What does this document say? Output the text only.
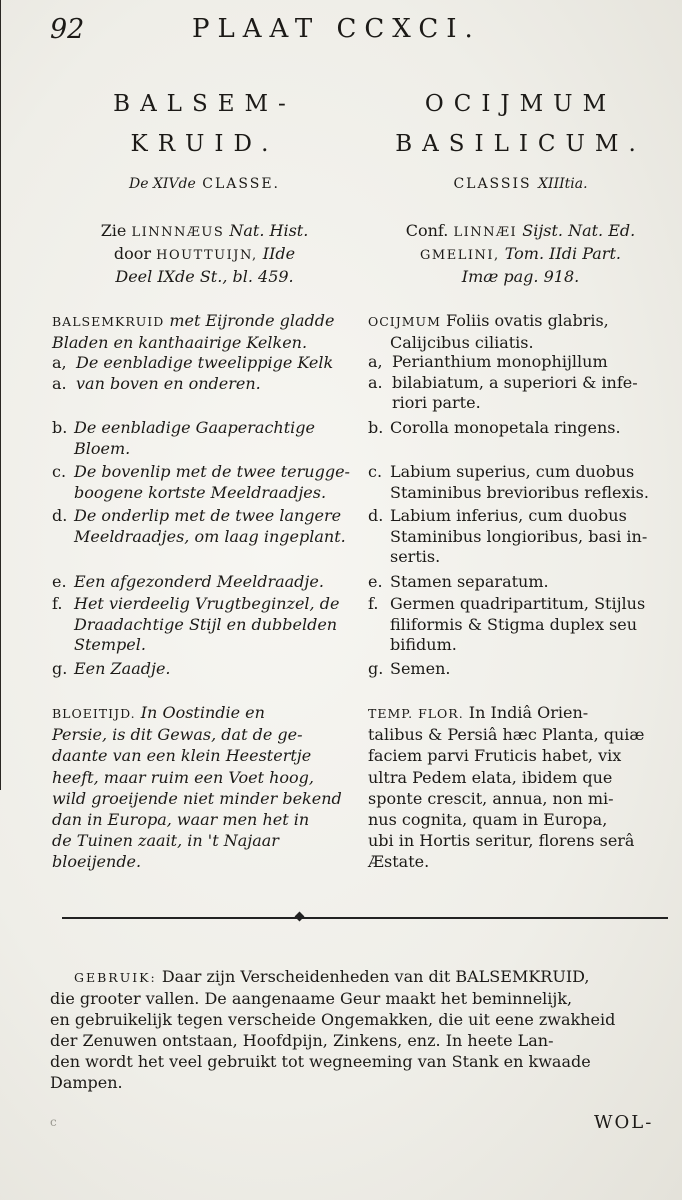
92	PLAAT CCXCI.
BALSEM-
KRUID.
De XIVde CLASSE.
Zie LINNNÆUS Nat. Hist.
door HOUTTUIJN, IIde
Deel IXde St., bl. 459.
BALSEMKRUID met Eijronde gladde
Bladen en kanthaairige Kelken.
a, a.De eenbladige tweelippige Kelk
van boven en onderen.
b. De eenbladige Gaaperachtige
Bloem.
c. De bovenlip met de twee terugge-
boogene kortste Meeldraadjes.
d. De onderlip met de twee langere
Meeldraadjes, om laag ingeplant.
e. Een afgezonderd Meeldraadje.
f. Het vierdeelig Vrugtbeginzel, de
Draadachtige Stijl en dubbelden
Stempel.
g. Een Zaadje.
BLOEITIJD. In Oostindie en
Persie, is dit Gewas, dat de ge-
daante van een klein Heestertje
heeft, maar ruim een Voet hoog,
wild groeijende niet minder bekend
dan in Europa, waar men het in
de Tuinen zaait, in 't Najaar
bloeijende.
OCIJMUM
BASILICUM.
CLASSIS XIIItia.
Conf. LINNÆI Sijst. Nat. Ed.
GMELINI, Tom. IIdi Part.
Imæ pag. 918.
OCIJMUM Foliis ovatis glabris,
Calijcibus ciliatis.
a, a.Perianthium monophijllum
bilabiatum, a superiori & infe-
riori parte.
b. Corolla monopetala ringens.
c. Labium superius, cum duobus
Staminibus brevioribus reflexis.
d. Labium inferius, cum duobus
Staminibus longioribus, basi in-
sertis.
e. Stamen separatum.
f. Germen quadripartitum, Stijlus
filiformis & Stigma duplex seu
bifidum.
g. Semen.
TEMP. FLOR. In Indiâ Orien-
talibus & Persiâ hæc Planta, quiæ
faciem parvi Fruticis habet, vix
ultra Pedem elata, ibidem que
sponte crescit, annua, non mi-
nus cognita, quam in Europa,
ubi in Hortis seritur, florens serâ
Æstate.
GEBRUIK: Daar zijn Verscheidenheden van dit BALSEMKRUID,
die grooter vallen. De aangenaame Geur maakt het beminnelijk,
en gebruikelijk tegen verscheide Ongemakken, die uit eene zwakheid
der Zenuwen ontstaan, Hoofdpijn, Zinkens, enz. In heete Lan-
den wordt het veel gebruikt tot wegneeming van Stank en kwaade
Dampen.
c	WOL-
